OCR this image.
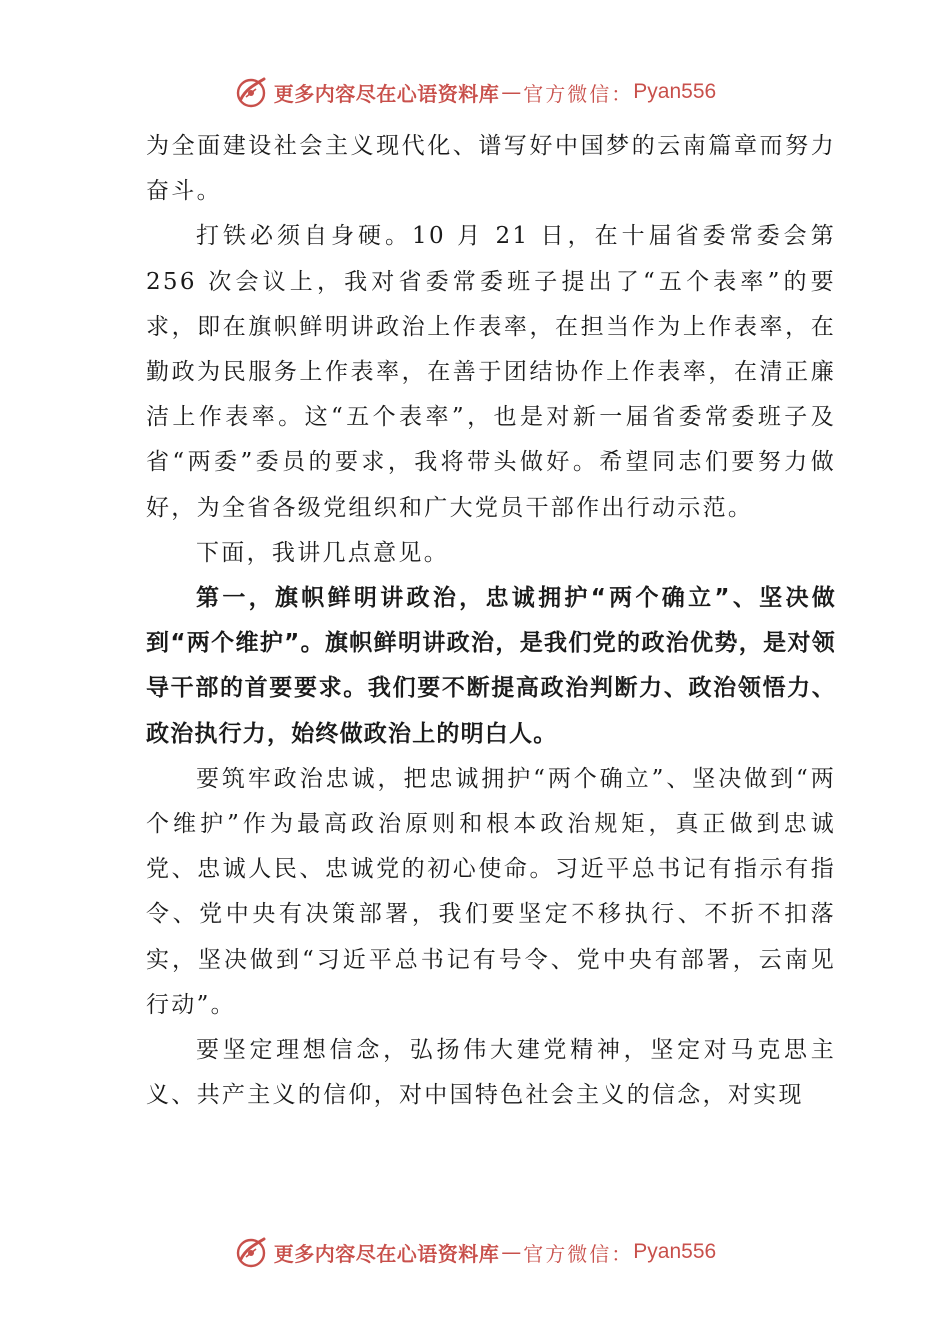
更多内容尽在心语资料库 — 官方微信： Pyan556

为全面建设社会主义现代化、谱写好中国梦的云南篇章而努力奋斗。

打铁必须自身硬。10 月 21 日，在十届省委常委会第 256 次会议上，我对省委常委班子提出了“五个表率”的要求，即在旗帜鲜明讲政治上作表率，在担当作为上作表率，在勤政为民服务上作表率，在善于团结协作上作表率，在清正廉洁上作表率。这“五个表率”，也是对新一届省委常委班子及省“两委”委员的要求，我将带头做好。希望同志们要努力做好，为全省各级党组织和广大党员干部作出行动示范。

下面，我讲几点意见。

第一，旗帜鲜明讲政治，忠诚拥护“两个确立”、坚决做到“两个维护”。旗帜鲜明讲政治，是我们党的政治优势，是对领导干部的首要要求。我们要不断提高政治判断力、政治领悟力、政治执行力，始终做政治上的明白人。

要筑牢政治忠诚，把忠诚拥护“两个确立”、坚决做到“两个维护”作为最高政治原则和根本政治规矩，真正做到忠诚党、忠诚人民、忠诚党的初心使命。习近平总书记有指示有指令、党中央有决策部署，我们要坚定不移执行、不折不扣落实，坚决做到“习近平总书记有号令、党中央有部署，云南见行动”。

要坚定理想信念，弘扬伟大建党精神，坚定对马克思主义、共产主义的信仰，对中国特色社会主义的信念，对实现

更多内容尽在心语资料库 — 官方微信： Pyan556
